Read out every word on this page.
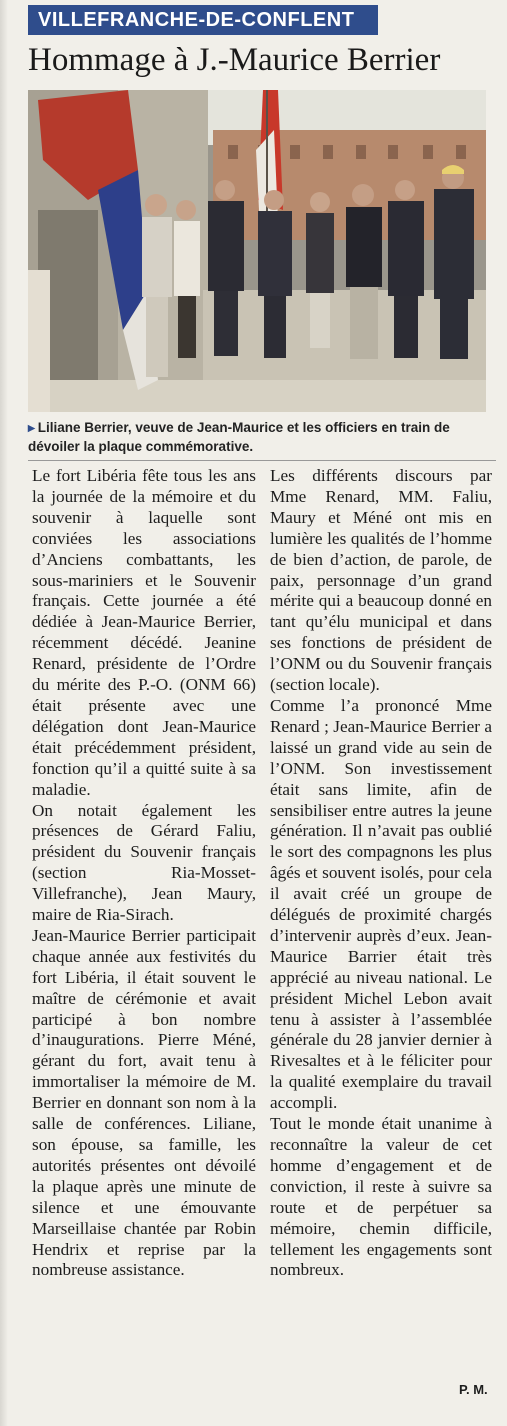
VILLEFRANCHE-DE-CONFLENT
Hommage à J.-Maurice Berrier
▸ Liliane Berrier, veuve de Jean-Maurice et les officiers en train de dévoiler la plaque commémorative.

Le fort Libéria fête tous les ans la journée de la mémoire et du souvenir à laquelle sont conviées les associations d’Anciens combattants, les sous-mariniers et le Souvenir français. Cette journée a été dédiée à Jean-Maurice Berrier, récemment décédé. Jeanine Renard, présidente de l’Ordre du mérite des P.-O. (ONM 66) était présente avec une délégation dont Jean-Maurice était précédemment président, fonction qu’il a quitté suite à sa maladie.

On notait également les présences de Gérard Faliu, président du Souvenir français (section Ria-Mosset-Villefranche), Jean Maury, maire de Ria-Sirach.

Jean-Maurice Berrier participait chaque année aux festivités du fort Libéria, il était souvent le maître de cérémonie et avait participé à bon nombre d’inaugurations. Pierre Méné, gérant du fort, avait tenu à immortaliser la mémoire de M. Berrier en donnant son nom à la salle de conférences. Liliane, son épouse, sa famille, les autorités présentes ont dévoilé la plaque après une minute de silence et une émouvante Marseillaise chantée par Robin Hendrix et reprise par la nombreuse assistance.

Les différents discours par Mme Renard, MM. Faliu, Maury et Méné ont mis en lumière les qualités de l’homme de bien d’action, de parole, de paix, personnage d’un grand mérite qui a beaucoup donné en tant qu’élu municipal et dans ses fonctions de président de l’ONM ou du Souvenir français (section locale).

Comme l’a prononcé Mme Renard ; Jean-Maurice Berrier a laissé un grand vide au sein de l’ONM. Son investissement était sans limite, afin de sensibiliser entre autres la jeune génération. Il n’avait pas oublié le sort des compagnons les plus âgés et souvent isolés, pour cela il avait créé un groupe de délégués de proximité chargés d’intervenir auprès d’eux. Jean-Maurice Barrier était très apprécié au niveau national. Le président Michel Lebon avait tenu à assister à l’assemblée générale du 28 janvier dernier à Rivesaltes et à le féliciter pour la qualité exemplaire du travail accompli.

Tout le monde était unanime à reconnaître la valeur de cet homme d’engagement et de conviction, il reste à suivre sa route et de perpétuer sa mémoire, chemin difficile, tellement les engagements sont nombreux.

P. M.
